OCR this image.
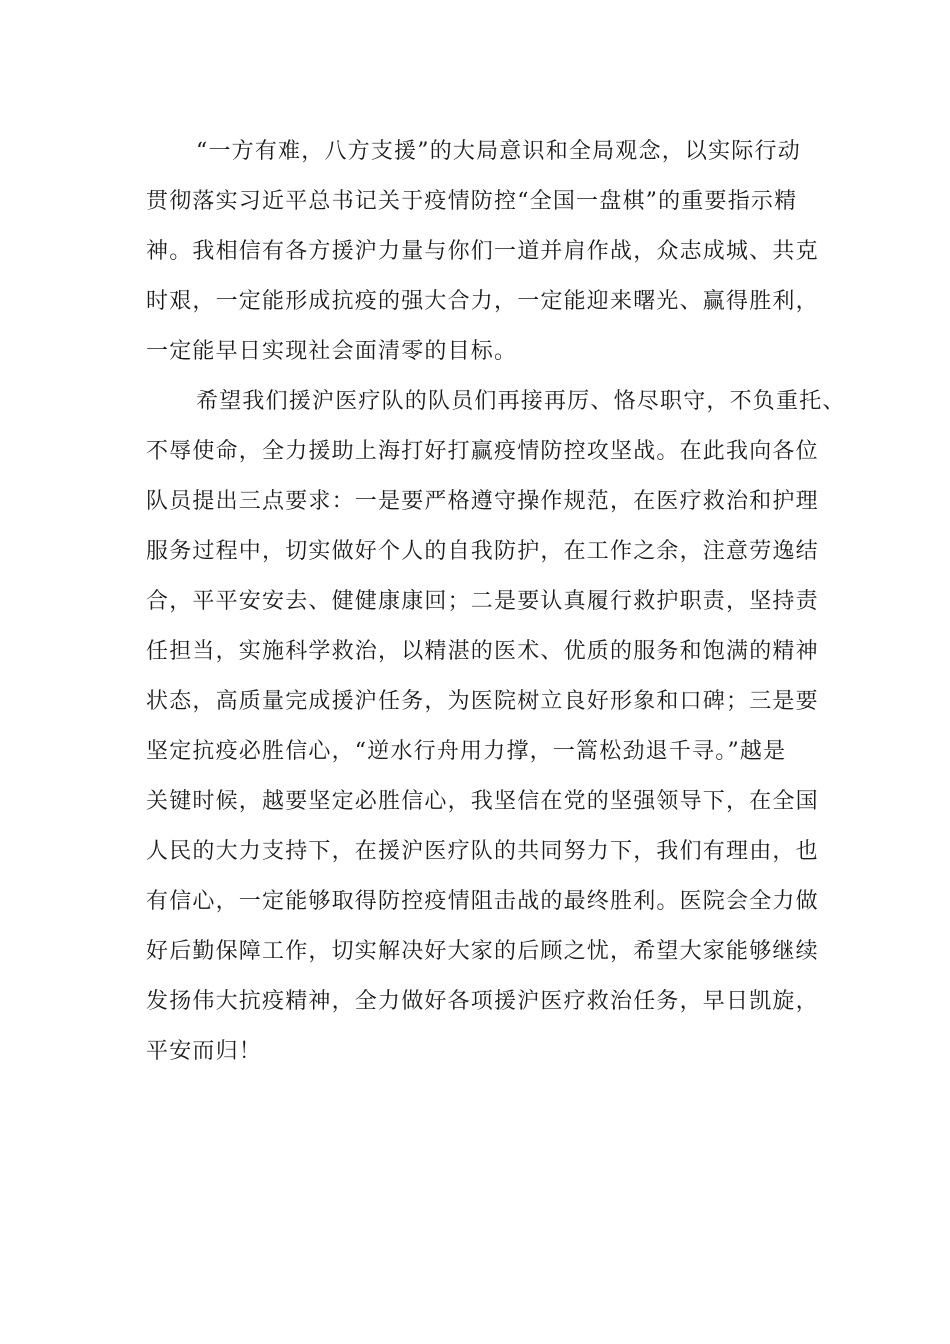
“一方有难，八方支援”的大局意识和全局观念，以实际行动
贯彻落实习近平总书记关于疫情防控“全国一盘棋”的重要指示精
神。我相信有各方援沪力量与你们一道并肩作战，众志成城、共克
时艰，一定能形成抗疫的强大合力，一定能迎来曙光、赢得胜利，
一定能早日实现社会面清零的目标。
希望我们援沪医疗队的队员们再接再厉、恪尽职守，不负重托、
不辱使命，全力援助上海打好打赢疫情防控攻坚战。在此我向各位
队员提出三点要求：一是要严格遵守操作规范，在医疗救治和护理
服务过程中，切实做好个人的自我防护，在工作之余，注意劳逸结
合，平平安安去、健健康康回；二是要认真履行救护职责，坚持责
任担当，实施科学救治，以精湛的医术、优质的服务和饱满的精神
状态，高质量完成援沪任务，为医院树立良好形象和口碑；三是要
坚定抗疫必胜信心，“逆水行舟用力撑，一篙松劲退千寻。”越是
关键时候，越要坚定必胜信心，我坚信在党的坚强领导下，在全国
人民的大力支持下，在援沪医疗队的共同努力下，我们有理由，也
有信心，一定能够取得防控疫情阻击战的最终胜利。医院会全力做
好后勤保障工作，切实解决好大家的后顾之忧，希望大家能够继续
发扬伟大抗疫精神，全力做好各项援沪医疗救治任务，早日凯旋，
平安而归！
